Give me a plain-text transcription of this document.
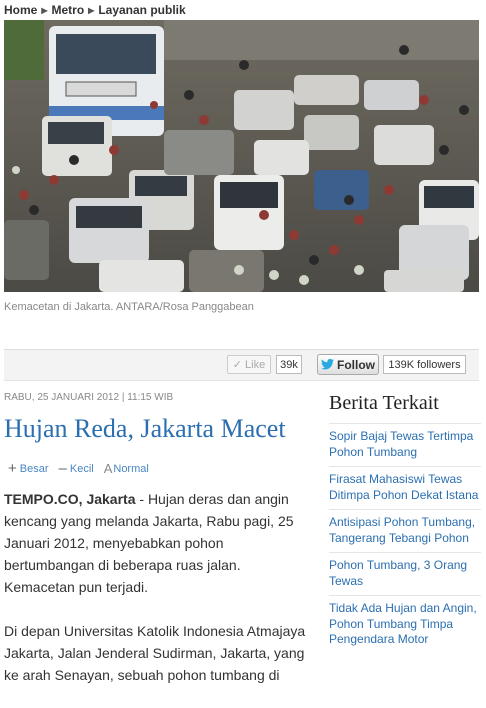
Home ▶ Metro ▶ Layanan publik
Kemacetan di Jakarta. ANTARA/Rosa Panggabean
✓ Like	39k	Follow	139K followers
RABU, 25 JANUARI 2012 | 11:15 WIB
Hujan Reda, Jakarta Macet
+ Besar – Kecil A Normal

TEMPO.CO, Jakarta - Hujan deras dan angin kencang yang melanda Jakarta, Rabu pagi, 25 Januari 2012, menyebabkan pohon bertumbangan di beberapa ruas jalan. Kemacetan pun terjadi.

Di depan Universitas Katolik Indonesia Atmajaya Jakarta, Jalan Jenderal Sudirman, Jakarta, yang ke arah Senayan, sebuah pohon tumbang di

Berita Terkait
Sopir Bajaj Tewas Tertimpa Pohon Tumbang
Firasat Mahasiswi Tewas Ditimpa Pohon Dekat Istana
Antisipasi Pohon Tumbang, Tangerang Tebangi Pohon
Pohon Tumbang, 3 Orang Tewas
Tidak Ada Hujan dan Angin, Pohon Tumbang Timpa Pengendara Motor
